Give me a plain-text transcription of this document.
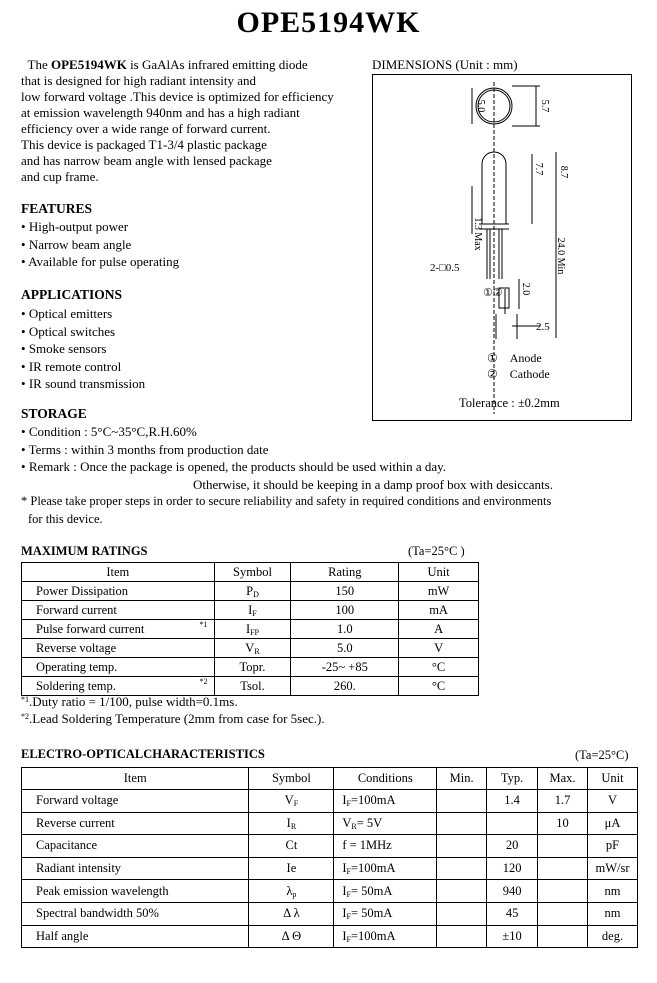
OPE5194WK
The OPE5194WK is GaAlAs infrared emitting diode
that is designed for high radiant intensity and
low forward voltage .This device is optimized for efficiency
at emission wavelength 940nm and has a high radiant
efficiency over a wide range of forward current.
This device is packaged T1-3/4 plastic package
and has narrow beam angle with lensed package
and cup frame.
FEATURES
• High-output power
• Narrow beam angle
• Available for pulse operating
APPLICATIONS
• Optical emitters
• Optical switches
• Smoke sensors
• IR remote control
• IR sound transmission
STORAGE
• Condition : 5°C~35°C,R.H.60%
• Terms : within 3 months from production date
• Remark : Once the package is opened, the products should be used within a day.
Otherwise, it should be keeping in a damp proof box with desiccants.
* Please take proper steps in order to secure reliability and safety in required conditions and environments
for this device.
DIMENSIONS (Unit : mm)
5.0	5.7
7.7 8.7
1.3 Max
24.0 Min
2.0
2-□0.5
①②
2.5
① Anode
② Cathode
Tolerance : ±0.2mm
MAXIMUM RATINGS	(Ta=25°C )
Item	Symbol	Rating	Unit
Power Dissipation	$P_D$	150	mW
Forward current	$I_F$	100	mA
Pulse forward current *1	$I_{FP}$	1.0	A
Reverse voltage	$V_R$	5.0	V
Operating temp.	Topr.	-25~ +85	°C
Soldering temp. *2	Tsol.	260.	°C
$^{*1}$.Duty ratio = 1/100, pulse width=0.1ms.
$^{*2}$.Lead Soldering Temperature (2mm from case for 5sec.).
ELECTRO-OPTICALCHARACTERISTICS	(Ta=25°C)
Item	Symbol	Conditions	Min.	Typ.	Max.	Unit
Forward voltage	$V_F$	$I_F=100mA$		1.4	1.7	V
Reverse current	$I_R$	$V_R= 5V$			10	μA
Capacitance	Ct	f = 1MHz		20		pF
Radiant intensity	Ie	$I_F=100mA$		120		mW/sr
Peak emission wavelength	$\lambda_p$	$I_F= 50mA$		940		nm
Spectral bandwidth 50%	Δ λ	$I_F= 50mA$		45		nm
Half angle	Δ Θ	$I_F=100mA$		±10		deg.
